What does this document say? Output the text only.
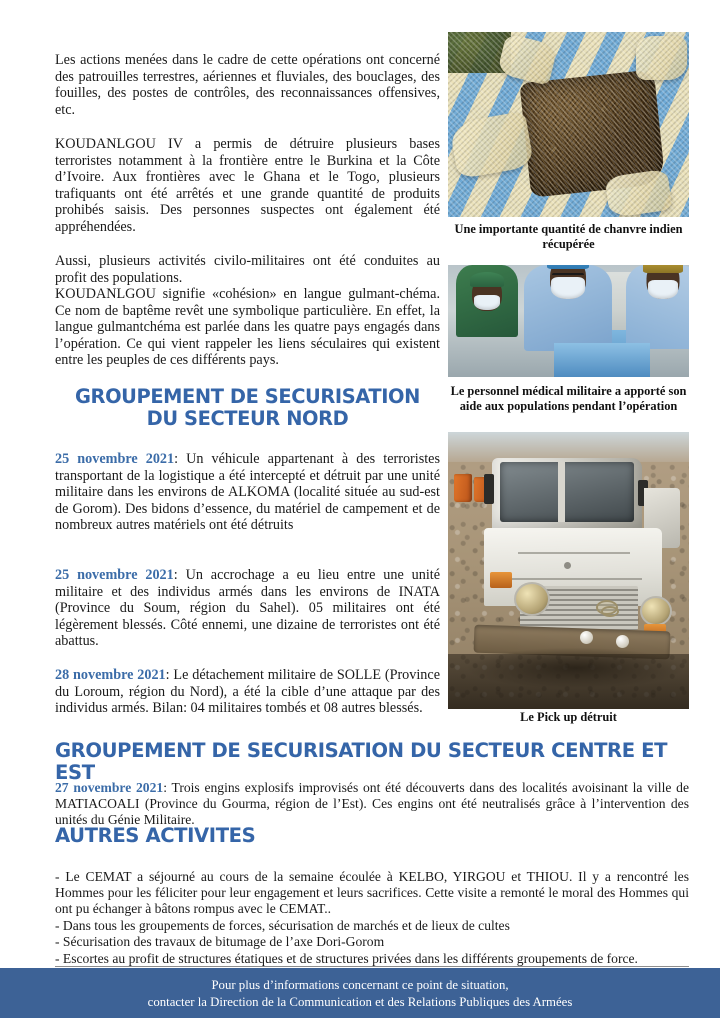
Les actions menées dans le cadre de cette opérations ont concerné des patrouilles terrestres, aériennes et fluviales, des bouclages, des fouilles, des postes de contrôles, des reconnaissances offensives, etc.

KOUDANLGOU IV a permis de détruire plusieurs bases terroristes notamment à la frontière entre le Burkina et la Côte d’Ivoire. Aux frontières avec le Ghana et le Togo, plusieurs trafiquants ont été arrêtés et une grande quantité de produits prohibés saisis. Des personnes suspectes ont également été appréhendées.

Aussi, plusieurs activités civilo-militaires ont été conduites au profit des populations.

KOUDANLGOU signifie «cohésion» en langue gulmant-chéma. Ce nom de baptême revêt une symbolique particulière. En effet, la langue gulmantchéma est parlée dans les quatre pays engagés dans l’opération. Ce qui vient rappeler les liens séculaires qui existent entre les peuples de ces différents pays.

GROUPEMENT DE SECURISATION
DU SECTEUR NORD

25 novembre 2021: Un véhicule appartenant à des terroristes transportant de la logistique a été intercepté et détruit par une unité militaire dans les environs de ALKOMA (localité située au sud-est de Gorom). Des bidons d’essence, du matériel de campement et de nombreux autres matériels ont été détruits

25 novembre 2021: Un accrochage a eu lieu entre une unité militaire et des individus armés dans les environs de INATA (Province du Soum, région du Sahel). 05 militaires ont été légèrement blessés. Côté ennemi, une dizaine de terroristes ont été abattus.

28 novembre 2021: Le détachement militaire de SOLLE (Province du Loroum, région du Nord), a été la cible d’une attaque par des individus armés. Bilan: 04 militaires tombés et 08 autres blessés.

GROUPEMENT DE SECURISATION DU SECTEUR CENTRE ET EST

27 novembre 2021: Trois engins explosifs improvisés ont été découverts dans des localités avoisinant la ville de MATIACOALI (Province du Gourma, région de l’Est). Ces engins ont été neutralisés grâce à l’intervention des unités du Génie Militaire.

AUTRES ACTIVITES

- Le CEMAT a séjourné au cours de la semaine écoulée à KELBO, YIRGOU et THIOU. Il y a rencontré les Hommes pour les féliciter pour leur engagement et leurs sacrifices. Cette visite a remonté le moral des Hommes qui ont pu échanger à bâtons rompus avec le CEMAT..

- Dans tous les groupements de forces, sécurisation de marchés et de lieux de cultes

- Sécurisation des travaux de bitumage de l’axe Dori-Gorom

- Escortes au profit de structures étatiques et de structures privées dans les différents groupements de force.

Une importante quantité de chanvre indien
récupérée
Le personnel médical militaire a apporté son
aide aux populations pendant l’opération
Le Pick up détruit
Pour plus d’informations concernant ce point de situation,
contacter la Direction de la Communication et des Relations Publiques des Armées
